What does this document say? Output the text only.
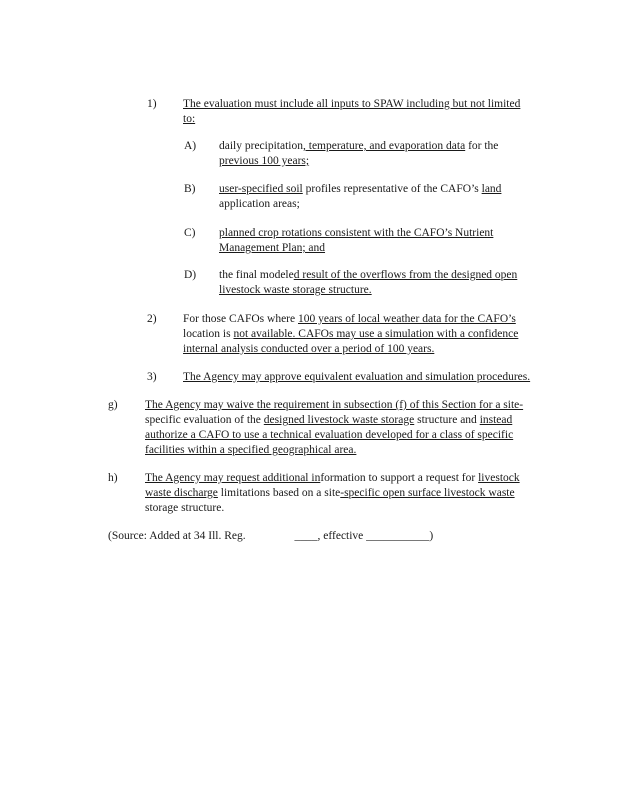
1) The evaluation must include all inputs to SPAW including but not limited
to:
A) daily precipitation, temperature, and evaporation data for the
previous 100 years;
B) user-specified soil profiles representative of the CAFO’s land
application areas;
C) planned crop rotations consistent with the CAFO’s Nutrient
Management Plan; and
D) the final modeled result of the overflows from the designed open
livestock waste storage structure.
2) For those CAFOs where 100 years of local weather data for the CAFO’s
location is not available. CAFOs may use a simulation with a confidence
internal analysis conducted over a period of 100 years.
3) The Agency may approve equivalent evaluation and simulation procedures.
g) The Agency may waive the requirement in subsection (f) of this Section for a site-
specific evaluation of the designed livestock waste storage structure and instead
authorize a CAFO to use a technical evaluation developed for a class of specific
facilities within a specified geographical area.
h) The Agency may request additional information to support a request for livestock
waste discharge limitations based on a site-specific open surface livestock waste
storage structure.
(Source: Added at 34 Ill. Reg.	____, effective ___________)
